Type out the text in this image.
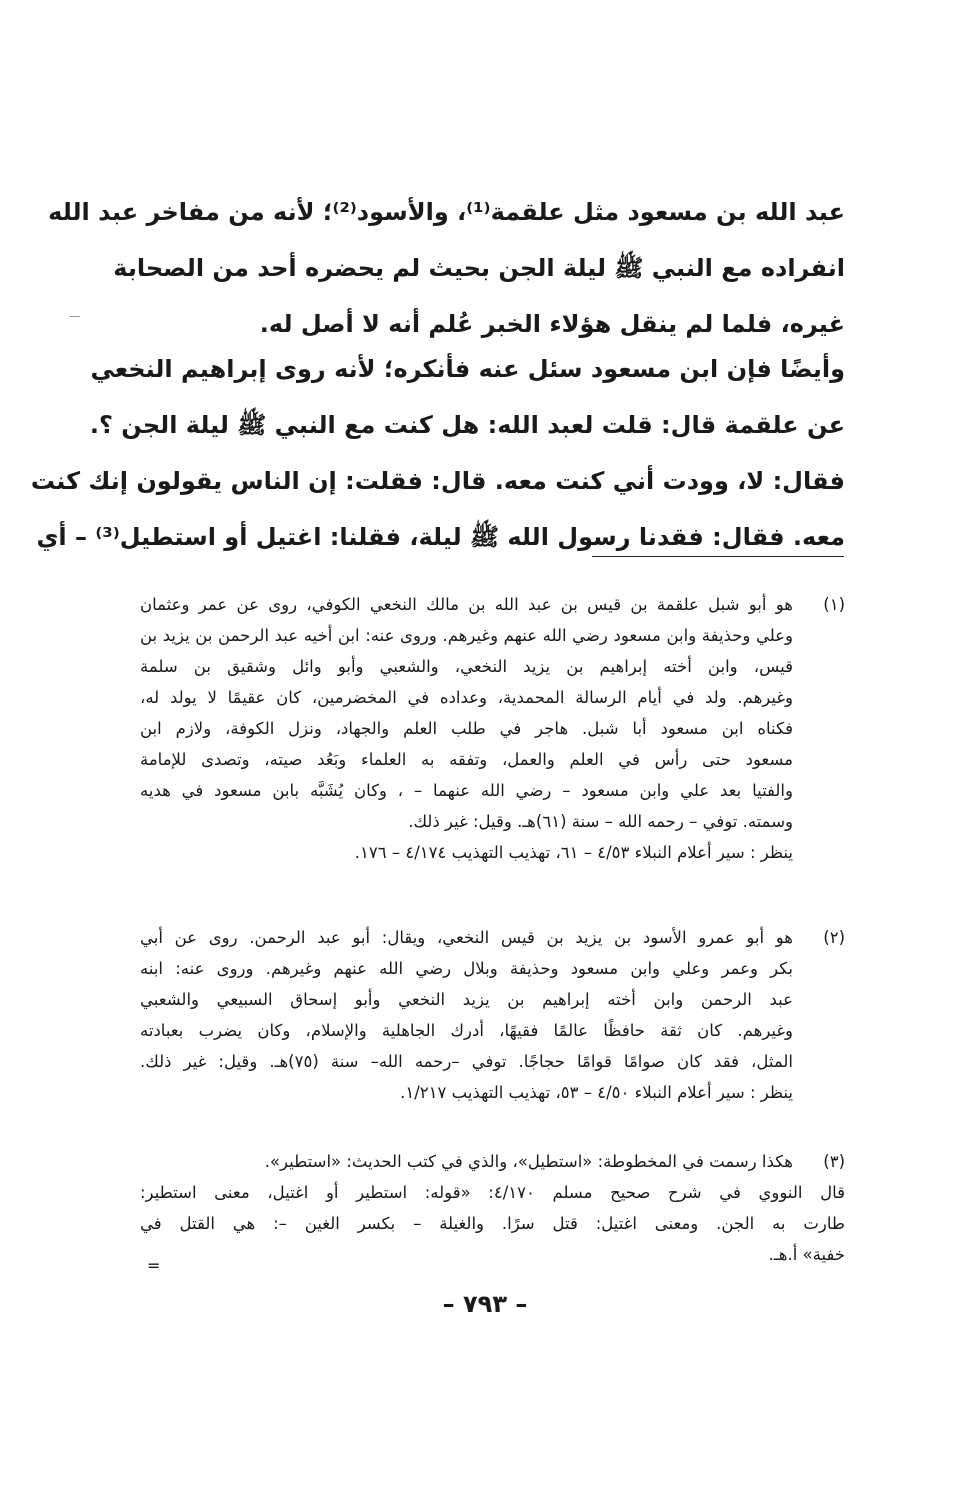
عبد الله بن مسعود مثل علقمة⁽¹⁾، والأسود⁽²⁾؛ لأنه من مفاخر عبد الله
انفراده مع النبي ﷺ ليلة الجن بحيث لم يحضره أحد من الصحابة
غيره، فلما لم ينقل هؤلاء الخبر عُلم أنه لا أصل له.
وأيضًا فإن ابن مسعود سئل عنه فأنكره؛ لأنه روى إبراهيم النخعي
عن علقمة قال: قلت لعبد الله: هل كنت مع النبي ﷺ ليلة الجن ؟.
فقال: لا، وودت أني كنت معه. قال: فقلت: إن الناس يقولون إنك كنت
معه. فقال: فقدنا رسول الله ﷺ ليلة، فقلنا: اغتيل أو استطيل⁽³⁾ – أي
(١)
هو أبو شبل علقمة بن قيس بن عبد الله بن مالك النخعي الكوفي، روى عن عمر وعثمان
وعلي وحذيفة وابن مسعود رضي الله عنهم وغيرهم. وروى عنه: ابن أخيه عبد الرحمن بن يزيد بن
قيس، وابن أخته إبراهيم بن يزيد النخعي، والشعبي وأبو وائل وشقيق بن سلمة
وغيرهم. ولد في أيام الرسالة المحمدية، وعداده في المخضرمين، كان عقيمًا لا يولد له،
فكناه ابن مسعود أبا شبل. هاجر في طلب العلم والجهاد، ونزل الكوفة، ولازم ابن
مسعود حتى رأس في العلم والعمل، وتفقه به العلماء وبَعُد صيته، وتصدى للإمامة
والفتيا بعد علي وابن مسعود – رضي الله عنهما – ، وكان يُشَبَّه بابن مسعود في هديه
وسمته. توفي – رحمه الله – سنة (٦١)هـ. وقيل: غير ذلك.
ينظر : سير أعلام النبلاء ٤/٥٣ – ٦١، تهذيب التهذيب ٤/١٧٤ – ١٧٦.
(٢)
هو أبو عمرو الأسود بن يزيد بن قيس النخعي، ويقال: أبو عبد الرحمن. روى عن أبي
بكر وعمر وعلي وابن مسعود وحذيفة وبلال رضي الله عنهم وغيرهم. وروى عنه: ابنه
عبد الرحمن وابن أخته إبراهيم بن يزيد النخعي وأبو إسحاق السبيعي والشعبي
وغيرهم. كان ثقة حافظًا عالمًا فقيهًا، أدرك الجاهلية والإسلام، وكان يضرب بعبادته
المثل، فقد كان صوامًا قوامًا حجاجًا. توفي –رحمه الله– سنة (٧٥)هـ. وقيل: غير ذلك.
ينظر : سير أعلام النبلاء ٤/٥٠ – ٥٣، تهذيب التهذيب ١/٢١٧.
(٣)
هكذا رسمت في المخطوطة: «استطيل»، والذي في كتب الحديث: «استطير».
قال النووي في شرح صحيح مسلم ٤/١٧٠: «قوله: استطير أو اغتيل، معنى استطير:
طارت به الجن. ومعنى اغتيل: قتل سرًا. والغيلة – بكسر الغين –: هي القتل في
خفية» أ.هـ.
=
– ٧٩٣ –
